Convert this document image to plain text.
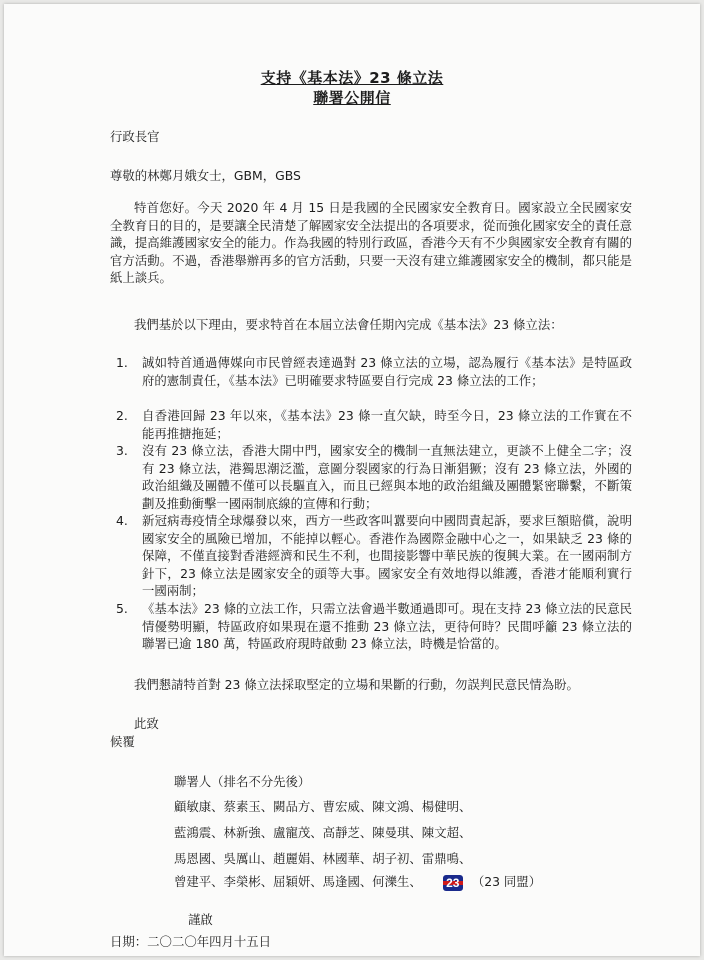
支持《基本法》23 條立法
聯署公開信
行政長官
尊敬的林鄭月娥女士，GBM，GBS
特首您好。今天 2020 年 4 月 15 日是我國的全民國家安全教育日。國家設立全民國家安全教育日的目的，是要讓全民清楚了解國家安全法提出的各項要求，從而強化國家安全的責任意識，提高維護國家安全的能力。作為我國的特別行政區，香港今天有不少與國家安全教育有關的官方活動。不過，香港舉辦再多的官方活動，只要一天沒有建立維護國家安全的機制，都只能是紙上談兵。
我們基於以下理由，要求特首在本屆立法會任期內完成《基本法》23 條立法：
1. 誠如特首通過傳媒向市民曾經表達過對 23 條立法的立場，認為履行《基本法》是特區政府的憲制責任，《基本法》已明確要求特區要自行完成 23 條立法的工作；
2. 自香港回歸 23 年以來，《基本法》23 條一直欠缺，時至今日，23 條立法的工作實在不能再推搪拖延；
3. 沒有 23 條立法，香港大開中門，國家安全的機制一直無法建立，更談不上健全二字；沒有 23 條立法，港獨思潮泛濫，意圖分裂國家的行為日漸猖獗；沒有 23 條立法，外國的政治組織及團體不僅可以長驅直入，而且已經與本地的政治組織及團體緊密聯繫，不斷策劃及推動衝擊一國兩制底線的宣傳和行動；
4. 新冠病毒疫情全球爆發以來，西方一些政客叫囂要向中國問責起訴，要求巨額賠償，說明國家安全的風險已增加，不能掉以輕心。香港作為國際金融中心之一，如果缺乏 23 條的保障，不僅直接對香港經濟和民生不利，也間接影響中華民族的復興大業。在一國兩制方針下，23 條立法是國家安全的頭等大事。國家安全有效地得以維護，香港才能順利實行一國兩制；
5. 《基本法》23 條的立法工作，只需立法會過半數通過即可。現在支持 23 條立法的民意民情優勢明顯，特區政府如果現在還不推動 23 條立法，更待何時？民間呼籲 23 條立法的聯署已逾 180 萬，特區政府現時啟動 23 條立法，時機是恰當的。
我們懇請特首對 23 條立法採取堅定的立場和果斷的行動，勿誤判民意民情為盼。
此致
候覆
聯署人（排名不分先後）
顧敏康、蔡素玉、闕品方、曹宏威、陳文鴻、楊健明、
藍鴻震、林新強、盧寵茂、高靜芝、陳曼琪、陳文超、
馬恩國、吳厲山、趙麗娟、林國華、胡子初、雷鼎鳴、
曾建平、李榮彬、屈穎妍、馬逢國、何濼生、	23 （23 同盟）
謹啟
日期：二〇二〇年四月十五日
